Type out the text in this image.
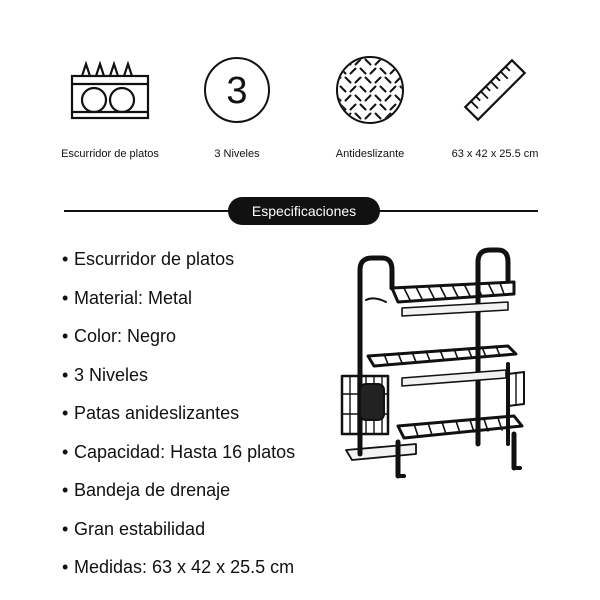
Escurridor de platos
3
3 Niveles	Antideslizante	63 x 42 x 25.5 cm
Especificaciones
• Escurridor de platos
• Material: Metal
• Color: Negro
• 3 Niveles
• Patas anideslizantes
• Capacidad: Hasta 16 platos
• Bandeja de drenaje
• Gran estabilidad
• Medidas: 63 x 42 x 25.5 cm
